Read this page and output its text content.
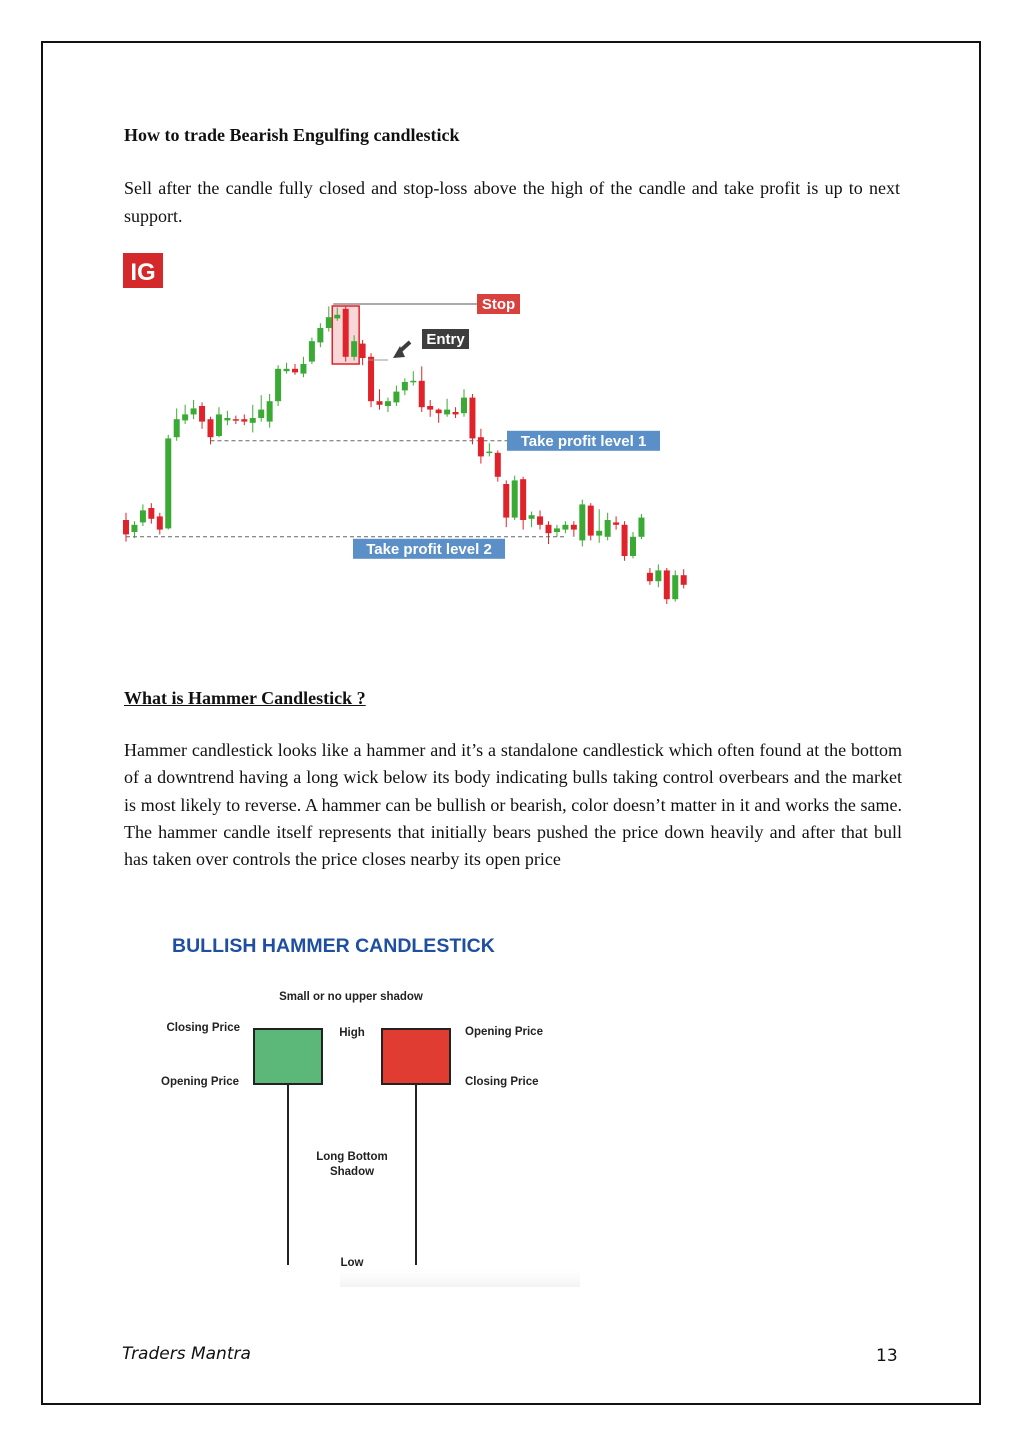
How to trade Bearish Engulfing candlestick
Sell after the candle fully closed and stop-loss above the high of the candle and take profit is up to next support.
IG
Stop
Entry
Take profit level 1
Take profit level 2
What is Hammer Candlestick ?
Hammer candlestick looks like a hammer and it’s a standalone candlestick which often found at the bottom of a downtrend having a long wick below its body indicating bulls taking control overbears and the market is most likely to reverse. A hammer can be bullish or bearish, color doesn’t matter in it and works the same. The hammer candle itself represents that initially bears pushed the price down heavily and after that bull has taken over controls the price closes nearby its open price
BULLISH HAMMER CANDLESTICK
Small or no upper shadow
Closing Price
Opening Price
High	Opening Price
Closing Price
Long Bottom
Shadow
Low
Traders Mantra	13
